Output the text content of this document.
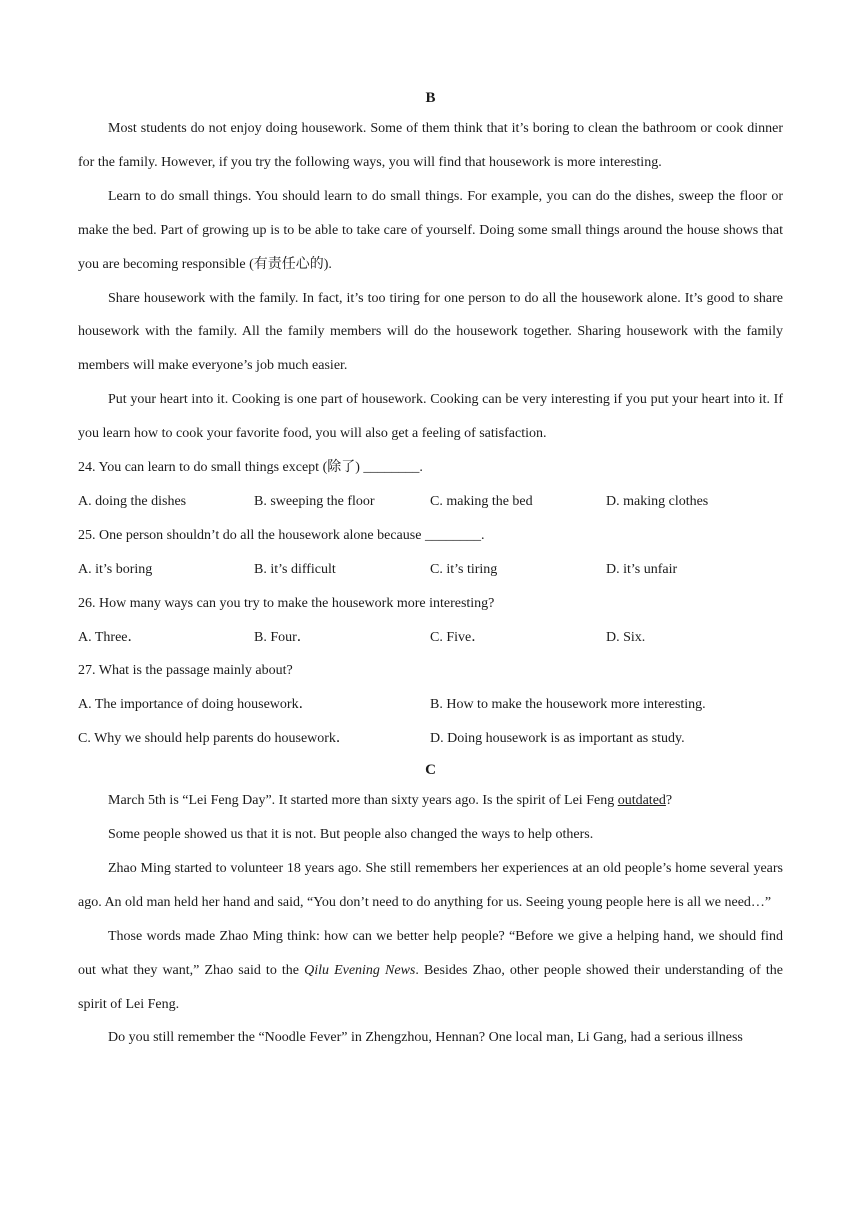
B

Most students do not enjoy doing housework. Some of them think that it’s boring to clean the bathroom or cook dinner for the family. However, if you try the following ways, you will find that housework is more interesting.

Learn to do small things. You should learn to do small things. For example, you can do the dishes, sweep the floor or make the bed. Part of growing up is to be able to take care of yourself. Doing some small things around the house shows that you are becoming responsible (有责任心的).

Share housework with the family. In fact, it’s too tiring for one person to do all the housework alone. It’s good to share housework with the family. All the family members will do the housework together. Sharing housework with the family members will make everyone’s job much easier.

Put your heart into it. Cooking is one part of housework. Cooking can be very interesting if you put your heart into it. If you learn how to cook your favorite food, you will also get a feeling of satisfaction.

24. You can learn to do small things except (除了) ________.

A. doing the dishes	B. sweeping the floor	C. making the bed	D. making clothes

25. One person shouldn’t do all the housework alone because ________.

A. it’s boring	B. it’s difficult	C. it’s tiring	D. it’s unfair

26. How many ways can you try to make the housework more interesting?

A. Three．	B. Four．	C. Five．	D. Six.

27. What is the passage mainly about?

A. The importance of doing housework．	B. How to make the housework more interesting.
C. Why we should help parents do housework．	D. Doing housework is as important as study.
C

March 5th is “Lei Feng Day”. It started more than sixty years ago. Is the spirit of Lei Feng outdated?

Some people showed us that it is not. But people also changed the ways to help others.

Zhao Ming started to volunteer 18 years ago. She still remembers her experiences at an old people’s home several years ago. An old man held her hand and said, “You don’t need to do anything for us. Seeing young people here is all we need…”

Those words made Zhao Ming think: how can we better help people? “Before we give a helping hand, we should find out what they want,” Zhao said to the Qilu Evening News. Besides Zhao, other people showed their understanding of the spirit of Lei Feng.

Do you still remember the “Noodle Fever” in Zhengzhou, Hennan? One local man, Li Gang, had a serious illness
